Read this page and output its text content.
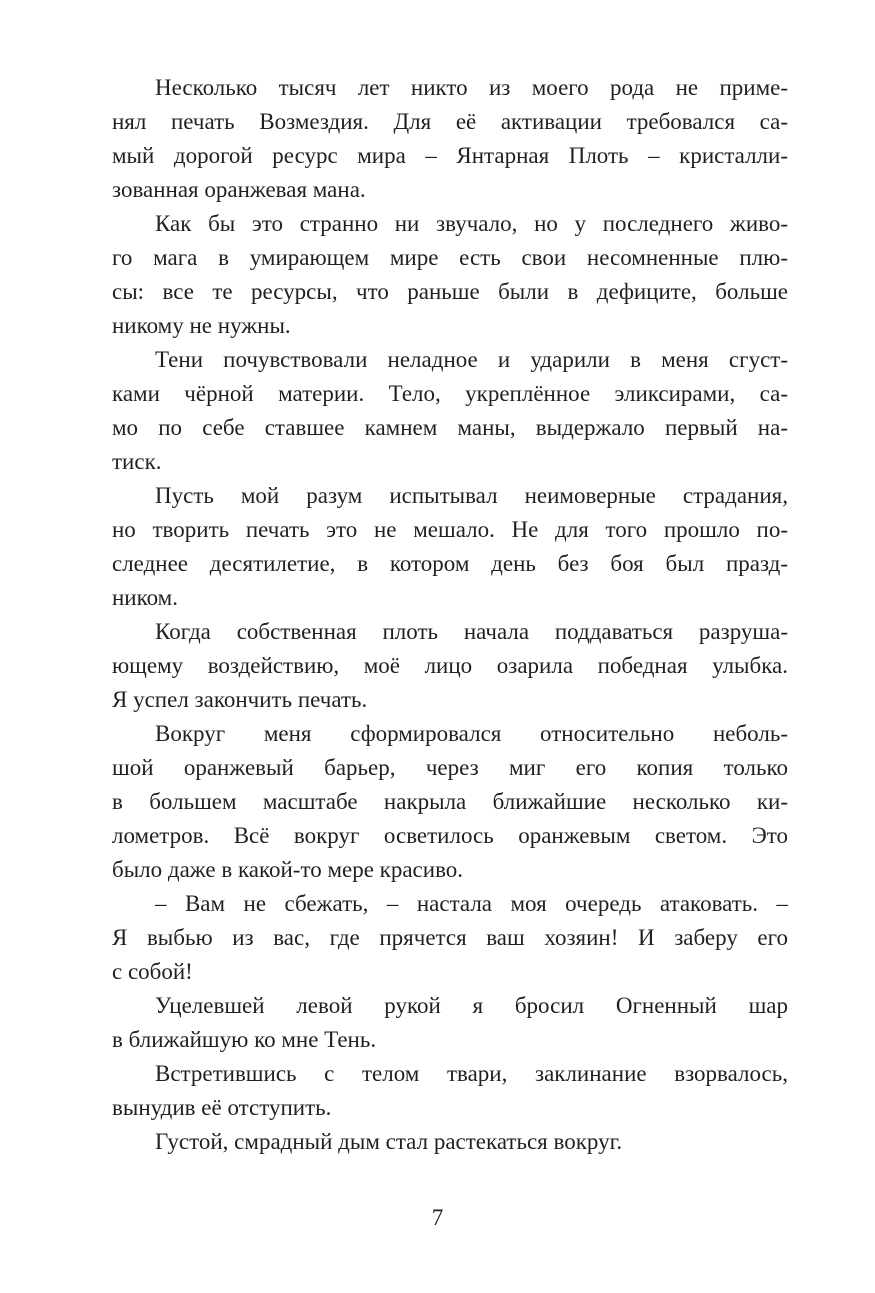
Несколько тысяч лет никто из моего рода не приме-
нял печать Возмездия. Для её активации требовался са-
мый дорогой ресурс мира – Янтарная Плоть – кристалли-
зованная оранжевая мана.
Как бы это странно ни звучало, но у последнего живо-
го мага в умирающем мире есть свои несомненные плю-
сы: все те ресурсы, что раньше были в дефиците, больше
никому не нужны.
Тени почувствовали неладное и ударили в меня сгуст-
ками чёрной материи. Тело, укреплённое эликсирами, са-
мо по себе ставшее камнем маны, выдержало первый на-
тиск.
Пусть мой разум испытывал неимоверные страдания,
но творить печать это не мешало. Не для того прошло по-
следнее десятилетие, в котором день без боя был празд-
ником.
Когда собственная плоть начала поддаваться разруша-
ющему воздействию, моё лицо озарила победная улыбка.
Я успел закончить печать.
Вокруг меня сформировался относительно неболь-
шой оранжевый барьер, через миг его копия только
в большем масштабе накрыла ближайшие несколько ки-
лометров. Всё вокруг осветилось оранжевым светом. Это
было даже в какой-то мере красиво.
– Вам не сбежать, – настала моя очередь атаковать. –
Я выбью из вас, где прячется ваш хозяин! И заберу его
с собой!
Уцелевшей левой рукой я бросил Огненный шар
в ближайшую ко мне Тень.
Встретившись с телом твари, заклинание взорвалось,
вынудив её отступить.
Густой, смрадный дым стал растекаться вокруг.
7
